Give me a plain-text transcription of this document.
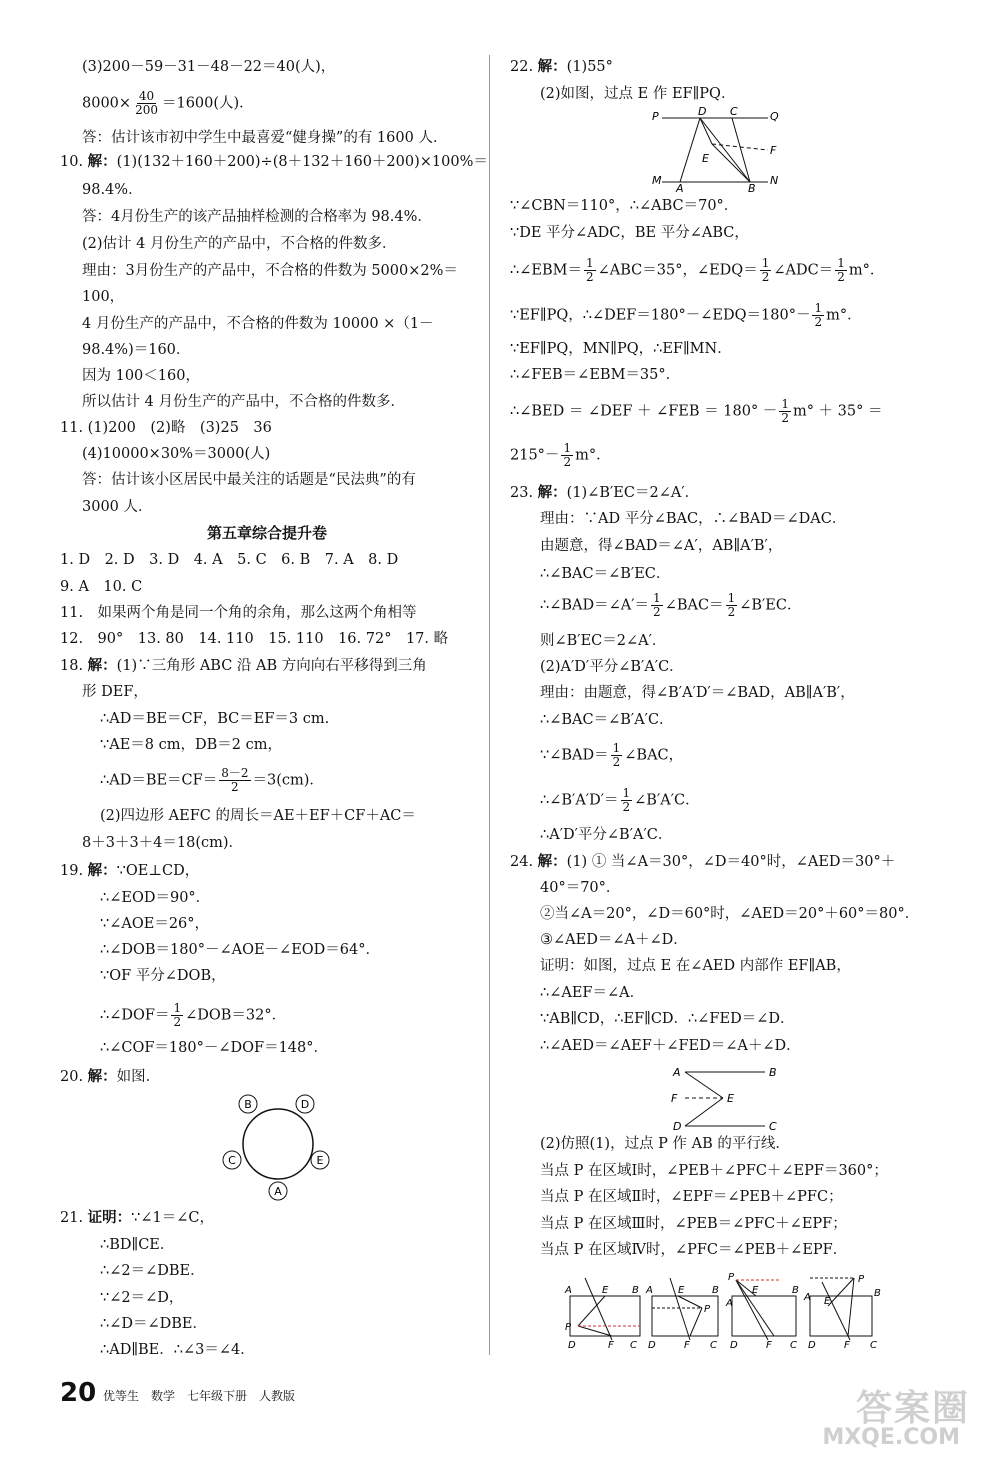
(3)200－59－31－48－22＝40(人)，
$8000\times \frac{40}{200} =1600$(人)．
答：估计该市初中学生中最喜爱“健身操”的有 1600 人．
10. 解：(1)(132＋160＋200)÷(8＋132＋160＋200)×100%＝
98.4%．
答：4月份生产的该产品抽样检测的合格率为 98.4%．
(2)估计 4 月份生产的产品中，不合格的件数多．
理由：3月份生产的产品中，不合格的件数为 5000×2%＝
100，
4 月份生产的产品中，不合格的件数为 10000 ×（1－
98.4%)＝160．
因为 100＜160，
所以估计 4 月份生产的产品中，不合格的件数多．
11. (1)200　(2)略　(3)25　36
(4)10000×30%＝3000(人)
答：估计该小区居民中最关注的话题是“民法典”的有
3000 人．
第五章综合提升卷
1. D　2. D　3. D　4. A　5. C　6. B　7. A　8. D
9. A　10. C
11.　如果两个角是同一个角的余角，那么这两个角相等
12.　90°　13. 80　14. 110　15. 110　16. 72°　17. 略
18. 解：(1)∵三角形 ABC 沿 AB 方向向右平移得到三角
形 DEF，
∴AD＝BE＝CF，BC＝EF＝3 cm.
∵AE＝8 cm，DB＝2 cm，
∴AD＝BE＝CF＝ $\frac{8-2}{2} =3(cm)$．
(2)四边形 AEFC 的周长＝AE＋EF＋CF＋AC＝
8＋3＋3＋4＝18(cm)．
19. 解：∵OE⊥CD，
∴∠EOD＝90°．
∵∠AOE＝26°，
∴∠DOB＝180°－∠AOE－∠EOD＝64°．
∵OF 平分∠DOB，
∴∠DOF＝ $\frac{1}{2}$ ∠DOB＝32°．
∴∠COF＝180°－∠DOF＝148°．
20. 解：如图．
B	D
C	E
A
21. 证明：∵∠1＝∠C，
∴BD∥CE．
∴∠2＝∠DBE．
∵∠2＝∠D，
∴∠D＝∠DBE．
∴AD∥BE．∴∠3＝∠4．
22. 解：(1)55°
(2)如图，过点 E 作 EF∥PQ．
P	D C	Q
E
F
M
A	B
N
∵∠CBN＝110°，∴∠ABC＝70°．
∵DE 平分∠ADC，BE 平分∠ABC，
∴∠EBM＝ $\frac{1}{2}$ ∠ABC＝35°，∠EDQ＝ $\frac{1}{2}$ ∠ADC＝ $\frac{1}{2} m^\circ$．
∵EF∥PQ，∴∠DEF＝180°－∠EDQ＝180°－ $\frac{1}{2} m^\circ$．
∵EF∥PQ，MN∥PQ，∴EF∥MN．
∴∠FEB＝∠EBM＝35°．
∴∠BED ＝ ∠DEF ＋ ∠FEB ＝ $180^\circ - \frac{1}{2} m^\circ + 35^\circ$ ＝
$215^\circ- \frac{1}{2} m^\circ$．
23. 解：(1)∠B′EC＝2∠A′．
理由：∵AD 平分∠BAC，∴∠BAD＝∠DAC．
由题意，得∠BAD＝∠A′，AB∥A′B′，
∴∠BAC＝∠B′EC．
∴∠BAD＝∠A′＝ $\frac{1}{2}$ ∠BAC＝ $\frac{1}{2}$ ∠B′EC．
则∠B′EC＝2∠A′．
(2)A′D′平分∠B′A′C．
理由：由题意，得∠B′A′D′＝∠BAD，AB∥A′B′，
∴∠BAC＝∠B′A′C．
∵∠BAD＝ $\frac{1}{2}$ ∠BAC，
∴∠B′A′D′＝ $\frac{1}{2}$ ∠B′A′C．
∴A′D′平分∠B′A′C．
24. 解：(1) ① 当∠A＝30°，∠D＝40°时，∠AED＝30°＋
40°＝70°．
②当∠A＝20°，∠D＝60°时，∠AED＝20°＋60°＝80°．
③∠AED＝∠A＋∠D．
证明：如图，过点 E 在∠AED 内部作 EF∥AB，
∴∠AEF＝∠A．
∵AB∥CD，∴EF∥CD．∴∠FED＝∠D．
∴∠AED＝∠AEF＋∠FED＝∠A＋∠D．
A	B
F	E
D	C
(2)仿照(1)，过点 P 作 AB 的平行线．
当点 P 在区域Ⅰ时，∠PEB＋∠PFC＋∠EPF＝360°；
当点 P 在区域Ⅱ时，∠EPF＝∠PEB＋∠PFC；
当点 P 在区域Ⅲ时，∠PEB＝∠PFC＋∠EPF；
当点 P 在区域Ⅳ时，∠PFC＝∠PEB＋∠EPF．
A	E B
P
D	F C
A	E	B
P
D	F C
P
A
E	B
D	F C
P
A E
B
D	F C
20 优等生　数学　七年级下册　人教版	答案圈
MXQE.COM
